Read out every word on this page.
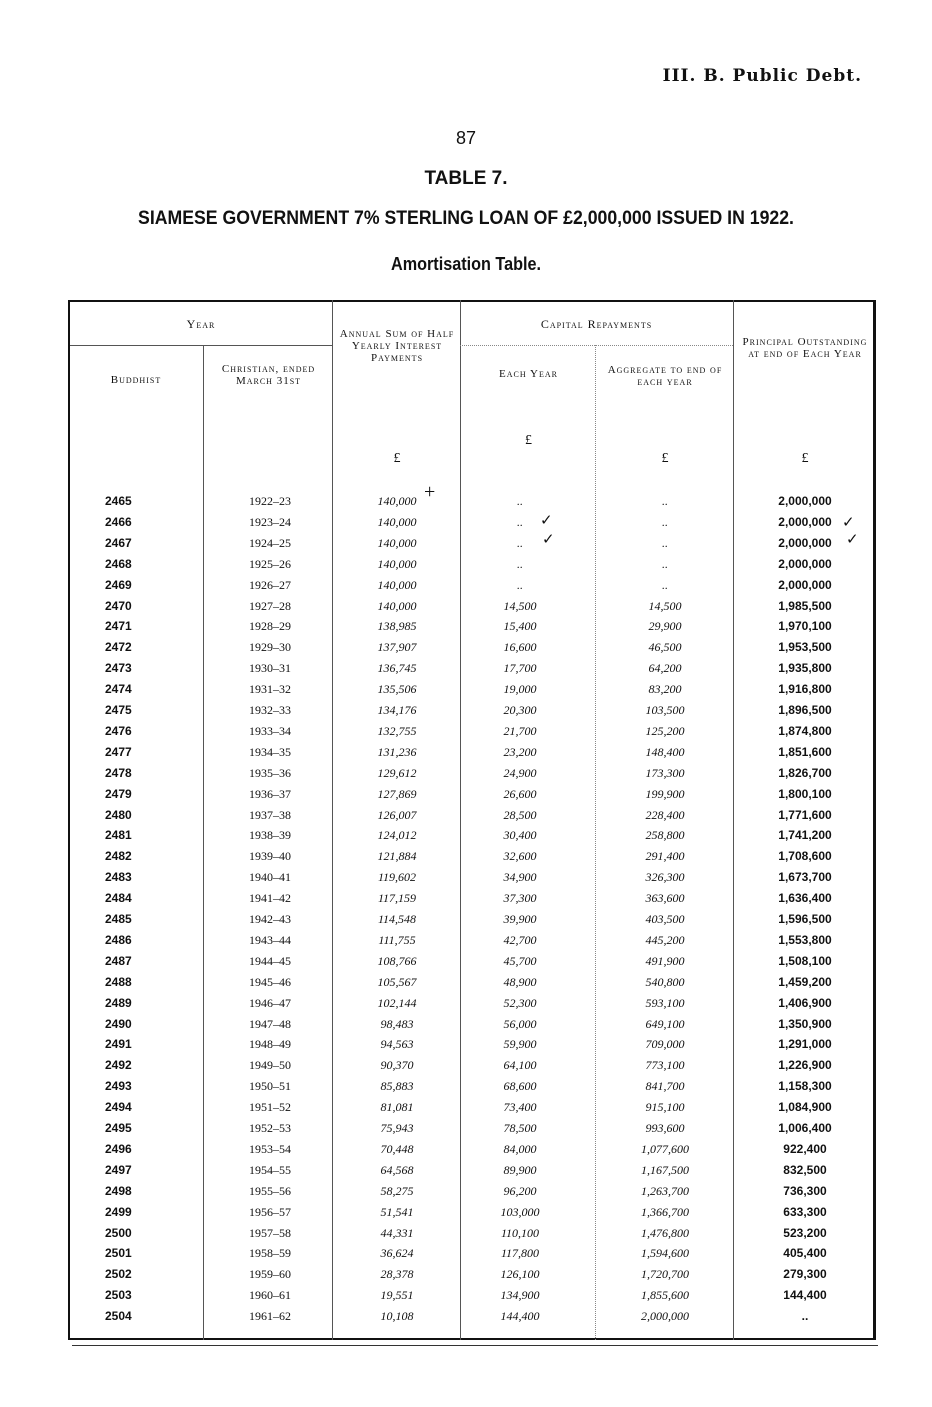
III. B. Public Debt.
87
TABLE 7.
SIAMESE GOVERNMENT 7% STERLING LOAN OF £2,000,000 ISSUED IN 1922.
Amortisation Table.
Year
Buddhist
Christian, ended March 31st
Annual Sum of Half Yearly Interest Payments
Capital Repayments
Each Year	Aggregate to end of each year
Principal Outstanding at end of Each Year
£
£
£	£
+
✓
✓
✓
✓
2465	1922–23	140,000	..	..	2,000,000
2466	1923–24	140,000	..	..	2,000,000
2467	1924–25	140,000	..	..	2,000,000
2468	1925–26	140,000	..	..	2,000,000
2469	1926–27	140,000	..	..	2,000,000
2470	1927–28	140,000	14,500	14,500	1,985,500
2471	1928–29	138,985	15,400	29,900	1,970,100
2472	1929–30	137,907	16,600	46,500	1,953,500
2473	1930–31	136,745	17,700	64,200	1,935,800
2474	1931–32	135,506	19,000	83,200	1,916,800
2475	1932–33	134,176	20,300	103,500	1,896,500
2476	1933–34	132,755	21,700	125,200	1,874,800
2477	1934–35	131,236	23,200	148,400	1,851,600
2478	1935–36	129,612	24,900	173,300	1,826,700
2479	1936–37	127,869	26,600	199,900	1,800,100
2480	1937–38	126,007	28,500	228,400	1,771,600
2481	1938–39	124,012	30,400	258,800	1,741,200
2482	1939–40	121,884	32,600	291,400	1,708,600
2483	1940–41	119,602	34,900	326,300	1,673,700
2484	1941–42	117,159	37,300	363,600	1,636,400
2485	1942–43	114,548	39,900	403,500	1,596,500
2486	1943–44	111,755	42,700	445,200	1,553,800
2487	1944–45	108,766	45,700	491,900	1,508,100
2488	1945–46	105,567	48,900	540,800	1,459,200
2489	1946–47	102,144	52,300	593,100	1,406,900
2490	1947–48	98,483	56,000	649,100	1,350,900
2491	1948–49	94,563	59,900	709,000	1,291,000
2492	1949–50	90,370	64,100	773,100	1,226,900
2493	1950–51	85,883	68,600	841,700	1,158,300
2494	1951–52	81,081	73,400	915,100	1,084,900
2495	1952–53	75,943	78,500	993,600	1,006,400
2496	1953–54	70,448	84,000	1,077,600	922,400
2497	1954–55	64,568	89,900	1,167,500	832,500
2498	1955–56	58,275	96,200	1,263,700	736,300
2499	1956–57	51,541	103,000	1,366,700	633,300
2500	1957–58	44,331	110,100	1,476,800	523,200
2501	1958–59	36,624	117,800	1,594,600	405,400
2502	1959–60	28,378	126,100	1,720,700	279,300
2503	1960–61	19,551	134,900	1,855,600	144,400
2504	1961–62	10,108	144,400	2,000,000	..
